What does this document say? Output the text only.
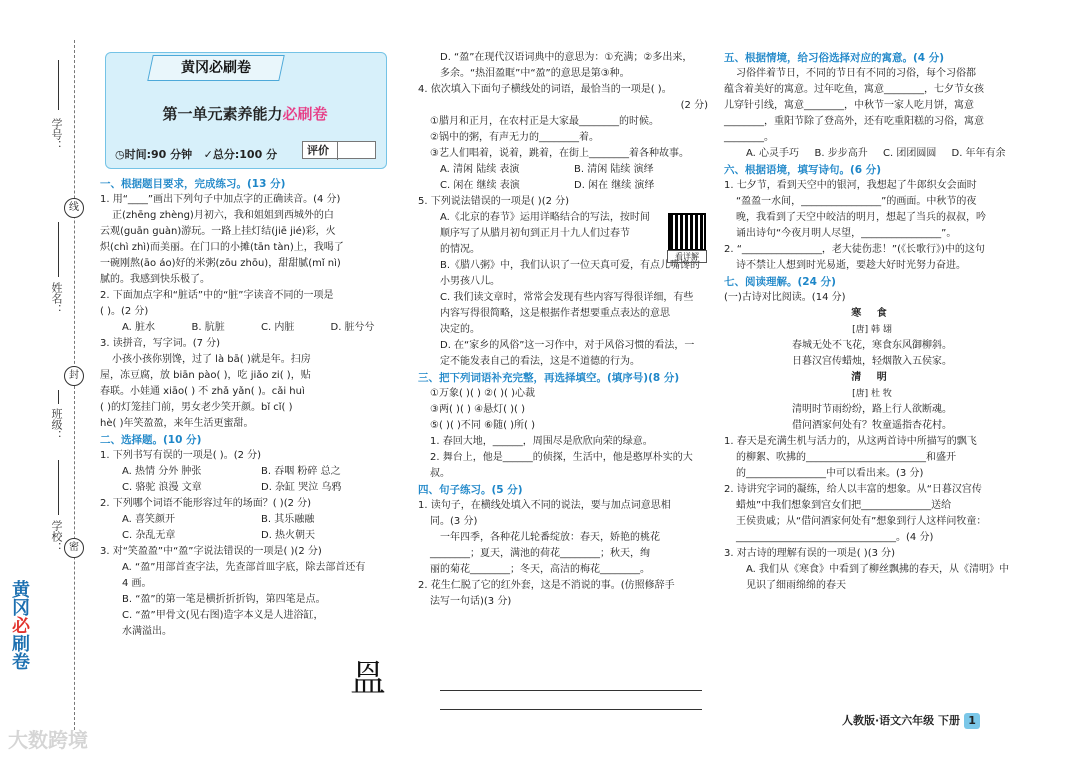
学号：
姓名：
班级：
学校：
线
封
密
黄冈必刷卷
大数跨境
黄冈必刷卷
第一单元素养能力必刷卷
◷时间:90 分钟 ✓总分:100 分	评价
一、根据题目要求，完成练习。(13 分)
1. 用“____”画出下列句子中加点字的正确读音。(4 分)
正(zhēng zhèng)月初六，我和姐姐到西城外的白
云观(guān guàn)游玩。一路上挂灯结(jiē jié)彩，火
炽(chì zhì)而美丽。在门口的小摊(tān tàn)上，我喝了
一碗刚熬(āo áo)好的米粥(zōu zhōu)，甜甜腻(mǐ nì)
腻的。我感到快乐极了。
2. 下面加点字和“脏话”中的“脏”字读音不同的一项是
( )。(2 分)
A. 脏水	B. 肮脏	C. 内脏	D. 脏兮兮
3. 读拼音，写字词。(7 分)
小孩小孩你别馋，过了 là bā( )就是年。扫房
屋，冻豆腐，放 biān pào( )，吃 jiǎo zi( )，贴
春联。小娃通 xiāo( ) 不 zhǎ yǎn( )。cǎi huì
( )的灯笼挂门前，男女老少笑开颜。bǐ cǐ( )
hè( )年笑盈盈，来年生活更蜜甜。
二、选择题。(10 分)
1. 下列书写有误的一项是( )。(2 分)
A. 热情 分外 肿张	B. 吞咽 粉碎 总之
C. 骆驼 浪漫 文章	D. 杂缸 哭泣 乌鸦
2. 下列哪个词语不能形容过年的场面？( )(2 分)
A. 喜笑颜开	B. 其乐融融
C. 杂乱无章	D. 热火朝天
3. 对“笑盈盈”中“盈”字说法错误的一项是( )(2 分)
A. “盈”用部首查字法，先查部首皿字底，除去部首还有
4 画。
B. “盈”的第一笔是横折折折钩，第四笔是点。
C. “盈”甲骨文(见右图)造字本义是人进浴缸，
水满溢出。
𥁕
D. “盈”在现代汉语词典中的意思为：①充满；②多出来，
多余。“热泪盈眶”中“盈”的意思是第③种。
4. 依次填入下面句子横线处的词语，最恰当的一项是( )。
(2 分)
①腊月和正月，在农村正是大家最________的时候。
②锅中的粥，有声无力的________着。
③艺人们唱着，说着，跳着，在街上________着各种故事。
A. 清闲 陆续 表演	B. 清闲 陆续 演绎
C. 闲在 继续 表演	D. 闲在 继续 演绎
5. 下列说法错误的一项是( )(2 分)
A.《北京的春节》运用详略结合的写法，按时间
顺序写了从腊月初旬到正月十九人们过春节
的情况。
B.《腊八粥》中，我们认识了一位天真可爱，有点儿嘴馋的
小男孩八儿。
C. 我们读文章时，常常会发现有些内容写得很详细，有些
内容写得很简略，这是根据作者想要重点表达的意思
决定的。
D. 在“家乡的风俗”这一习作中，对于风俗习惯的看法，一
定不能发表自己的看法，这是不道德的行为。
三、把下列词语补充完整，再选择填空。(填序号)(8 分)
①万象( )( ) ②( )( )心裁
③两( )( ) ④悬灯( )( )
⑤( )( )不同 ⑥随( )所( )
1. 春回大地，______，周围尽是欣欣向荣的绿意。
2. 舞台上，他是______的侦探，生活中，他是憨厚朴实的大叔。
四、句子练习。(5 分)
1. 读句子，在横线处填入不同的说法，要与加点词意思相
同。(3 分)
一年四季，各种花儿轮番绽放：春天，娇艳的桃花
________；夏天，满池的荷花________；秋天，绚
丽的菊花________；冬天，高洁的梅花________。
2. 花生仁脱了它的红外套，这是不消说的事。(仿照修辞手
法写一句话)(3 分)
看详解
五、根据情境，给习俗选择对应的寓意。(4 分)
习俗伴着节日，不同的节日有不同的习俗，每个习俗都
蕴含着美好的寓意。过年吃鱼，寓意________，七夕节女孩
儿穿针引线，寓意________，中秋节一家人吃月饼，寓意
________，重阳节除了登高外，还有吃重阳糕的习俗，寓意
________。
A. 心灵手巧	B. 步步高升	C. 团团圆圆	D. 年年有余
六、根据语境，填写诗句。(6 分)
1. 七夕节，看到天空中的银河，我想起了牛郎织女会面时
“盈盈一水间，________________”的画面。中秋节的夜
晚，我看到了天空中皎洁的明月，想起了当兵的叔叔，吟
诵出诗句“今夜月明人尽望，________________”。
2. “________________，老大徒伤悲！”(《长歌行》)中的这句
诗不禁让人想到时光易逝，要趁大好时光努力奋进。
七、阅读理解。(24 分)
(一)古诗对比阅读。(14 分)
寒 食
[唐] 韩 翃
春城无处不飞花，寒食东风御柳斜。
日暮汉宫传蜡烛，轻烟散入五侯家。
清 明
[唐] 杜 牧
清明时节雨纷纷，路上行人欲断魂。
借问酒家何处有？牧童遥指杏花村。
1. 春天是充满生机与活力的，从这两首诗中所描写的飘飞
的柳絮、吹拂的________________________和盛开
的________________中可以看出来。(3 分)
2. 诗讲究字词的凝练，给人以丰富的想象。从“日暮汉宫传
蜡烛”中我们想象到宫女们把______________送给
王侯贵戚；从“借问酒家何处有”想象到行人这样问牧童：
________________________________。(4 分)
3. 对古诗的理解有误的一项是( )(3 分)
A. 我们从《寒食》中看到了柳丝飘拂的春天，从《清明》中
见识了细雨绵绵的春天
人教版·语文六年级 下册 1
